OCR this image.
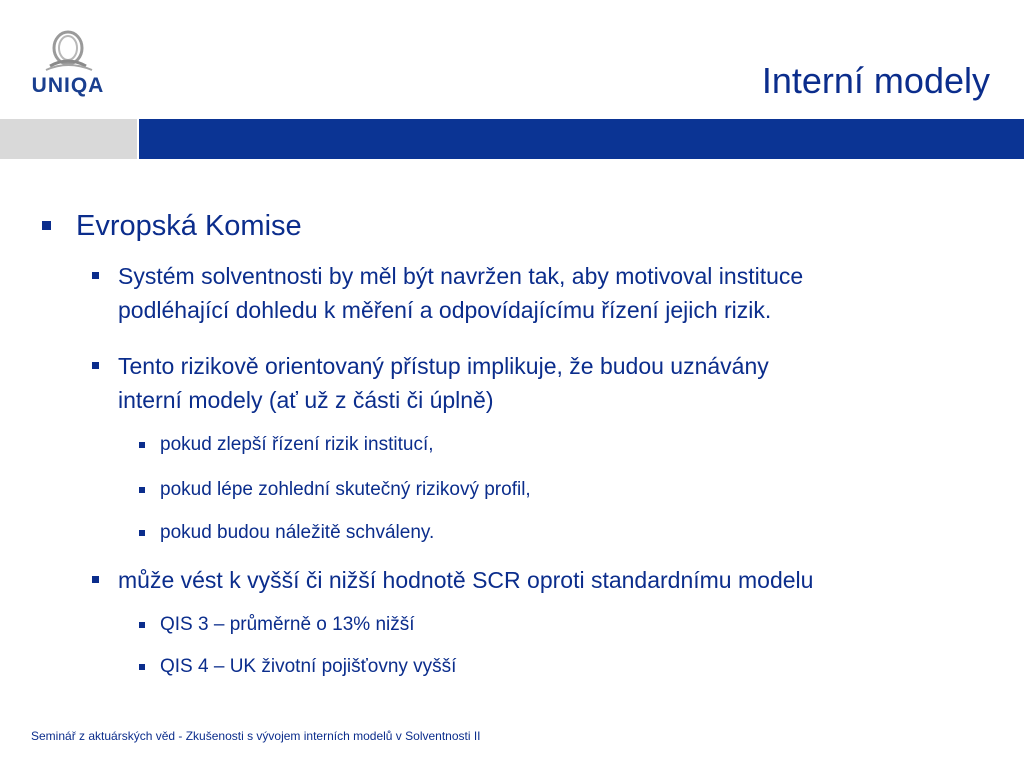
UNIQA	Interní modely
Evropská Komise
Systém solventnosti by měl být navržen tak, aby motivoval instituce
podléhající dohledu k měření a odpovídajícímu řízení jejich rizik.
Tento rizikově orientovaný přístup implikuje, že budou uznávány
interní modely (ať už z části či úplně)
pokud zlepší řízení rizik institucí,
pokud lépe zohlední skutečný rizikový profil,
pokud budou náležitě schváleny.
může vést k vyšší či nižší hodnotě SCR oproti standardnímu modelu
QIS 3 – průměrně o 13% nižší
QIS 4 – UK životní pojišťovny vyšší
Seminář z aktuárských věd - Zkušenosti s vývojem interních modelů v Solventnosti II
